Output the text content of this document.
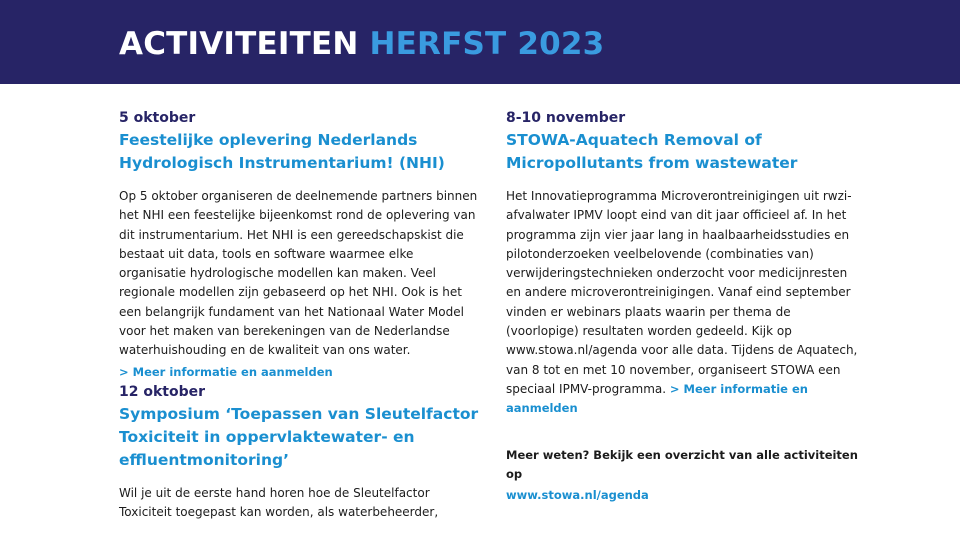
ACTIVITEITEN HERFST 2023

5 oktober

Feestelijke oplevering Nederlands Hydrologisch Instrumentarium! (NHI)

Op 5 oktober organiseren de deelnemende partners binnen het NHI een feestelijke bijeenkomst rond de oplevering van dit instrumentarium. Het NHI is een gereedschapskist die bestaat uit data, tools en software waarmee elke organisatie hydrologische modellen kan maken. Veel regionale modellen zijn gebaseerd op het NHI. Ook is het een belangrijk fundament van het Nationaal Water Model voor het maken van berekeningen van de Nederlandse waterhuishouding en de kwaliteit van ons water.

> Meer informatie en aanmelden

12 oktober

Symposium ‘Toepassen van Sleutelfactor Toxiciteit in oppervlaktewater- en effluentmonitoring’

Wil je uit de eerste hand horen hoe de Sleutelfactor Toxiciteit toegepast kan worden, als waterbeheerder,

8-10 november

STOWA-Aquatech Removal of Micropollutants from wastewater

Het Innovatieprogramma Microverontreinigingen uit rwzi-afvalwater IPMV loopt eind van dit jaar officieel af. In het programma zijn vier jaar lang in haalbaarheidsstudies en pilotonderzoeken veelbelovende (combinaties van) verwijderingstechnieken onderzocht voor medicijnresten en andere microverontreinigingen. Vanaf eind september vinden er webinars plaats waarin per thema de (voorlopige) resultaten worden gedeeld. Kijk op www.stowa.nl/agenda voor alle data. Tijdens de Aquatech, van 8 tot en met 10 november, organiseert STOWA een speciaal IPMV-programma. > Meer informatie en aanmelden

Meer weten? Bekijk een overzicht van alle activiteiten op

www.stowa.nl/agenda
